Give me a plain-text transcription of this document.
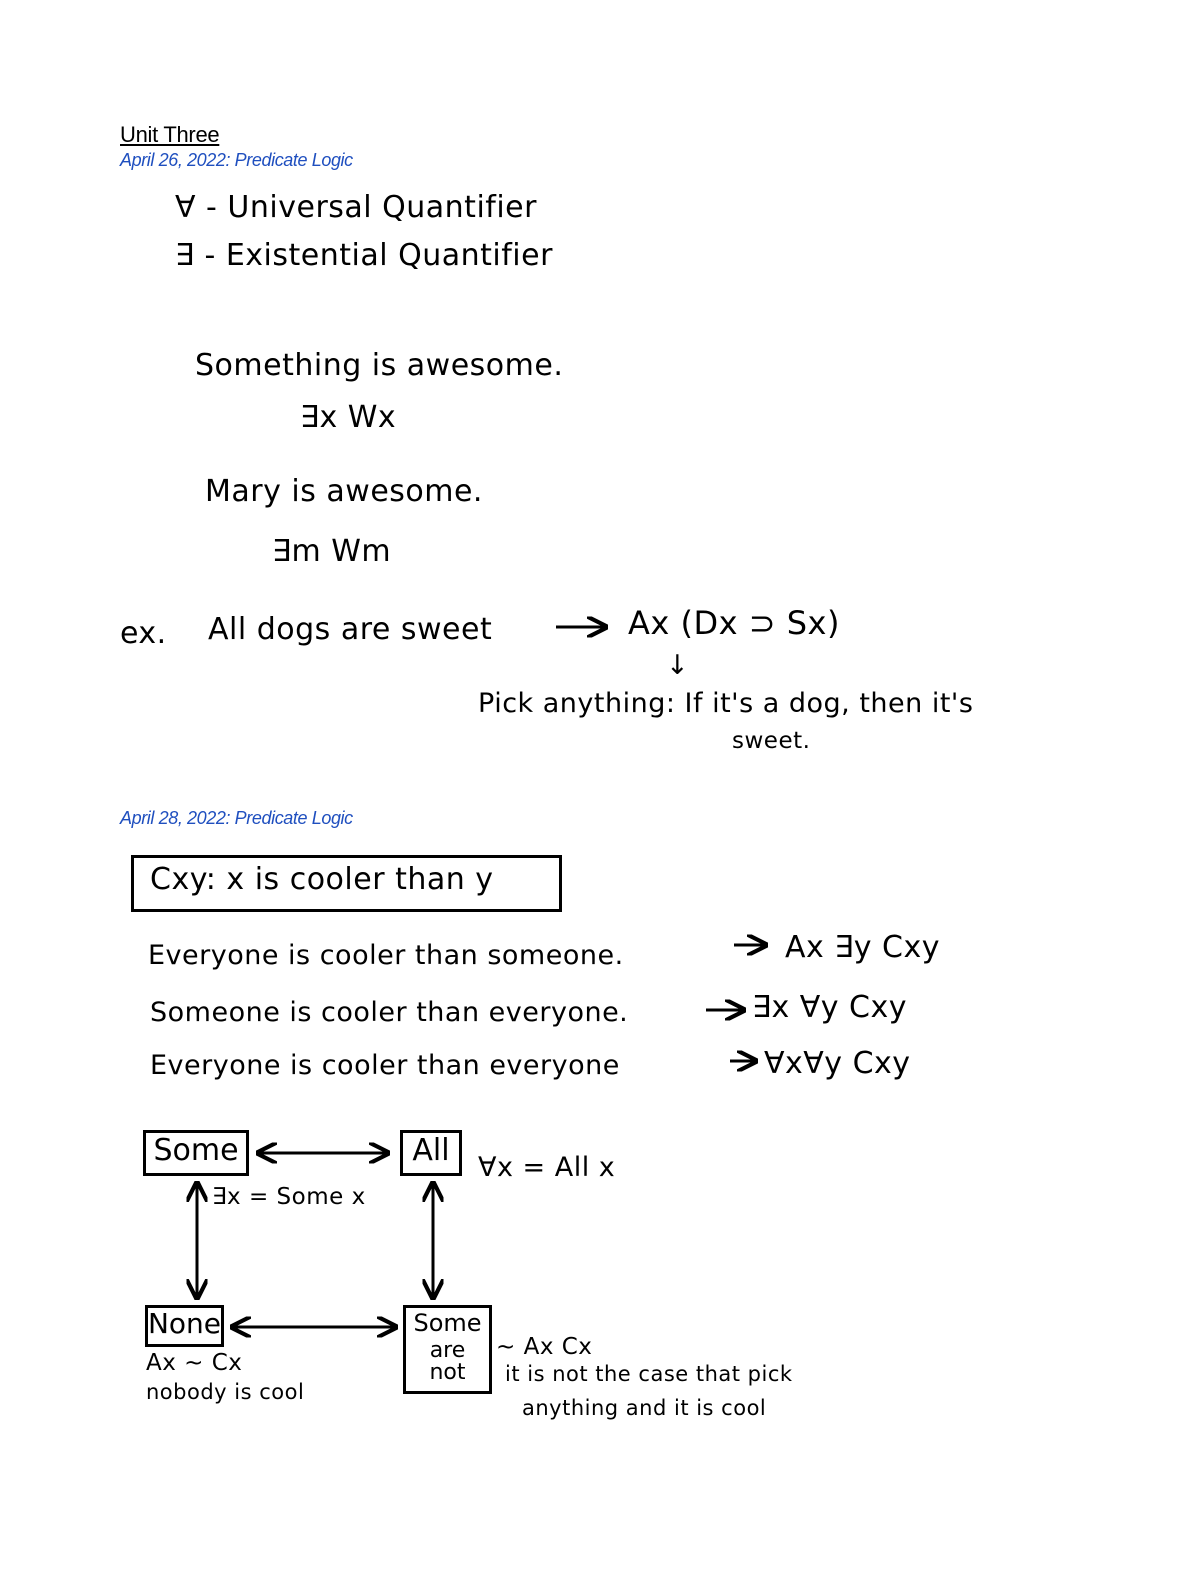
Unit Three
April 26, 2022: Predicate Logic
∀ - Universal Quantifier
∃ - Existential Quantifier
Something is awesome.
∃x Wx
Mary is awesome.
∃m Wm
ex. All dogs are sweet	Ax (Dx ⊃ Sx)
↓
Pick anything: If it's a dog, then it's
sweet.
April 28, 2022: Predicate Logic
Cxy: x is cooler than y
Everyone is cooler than someone.	Ax ∃y Cxy
Someone is cooler than everyone.	∃x ∀y Cxy
Everyone is cooler than everyone	∀x∀y Cxy
Some	All
None	Some
are
not
∀x = All x
∃x = Some x
Ax ~ Cx
nobody is cool
~ Ax Cx
it is not the case that pick
anything and it is cool
